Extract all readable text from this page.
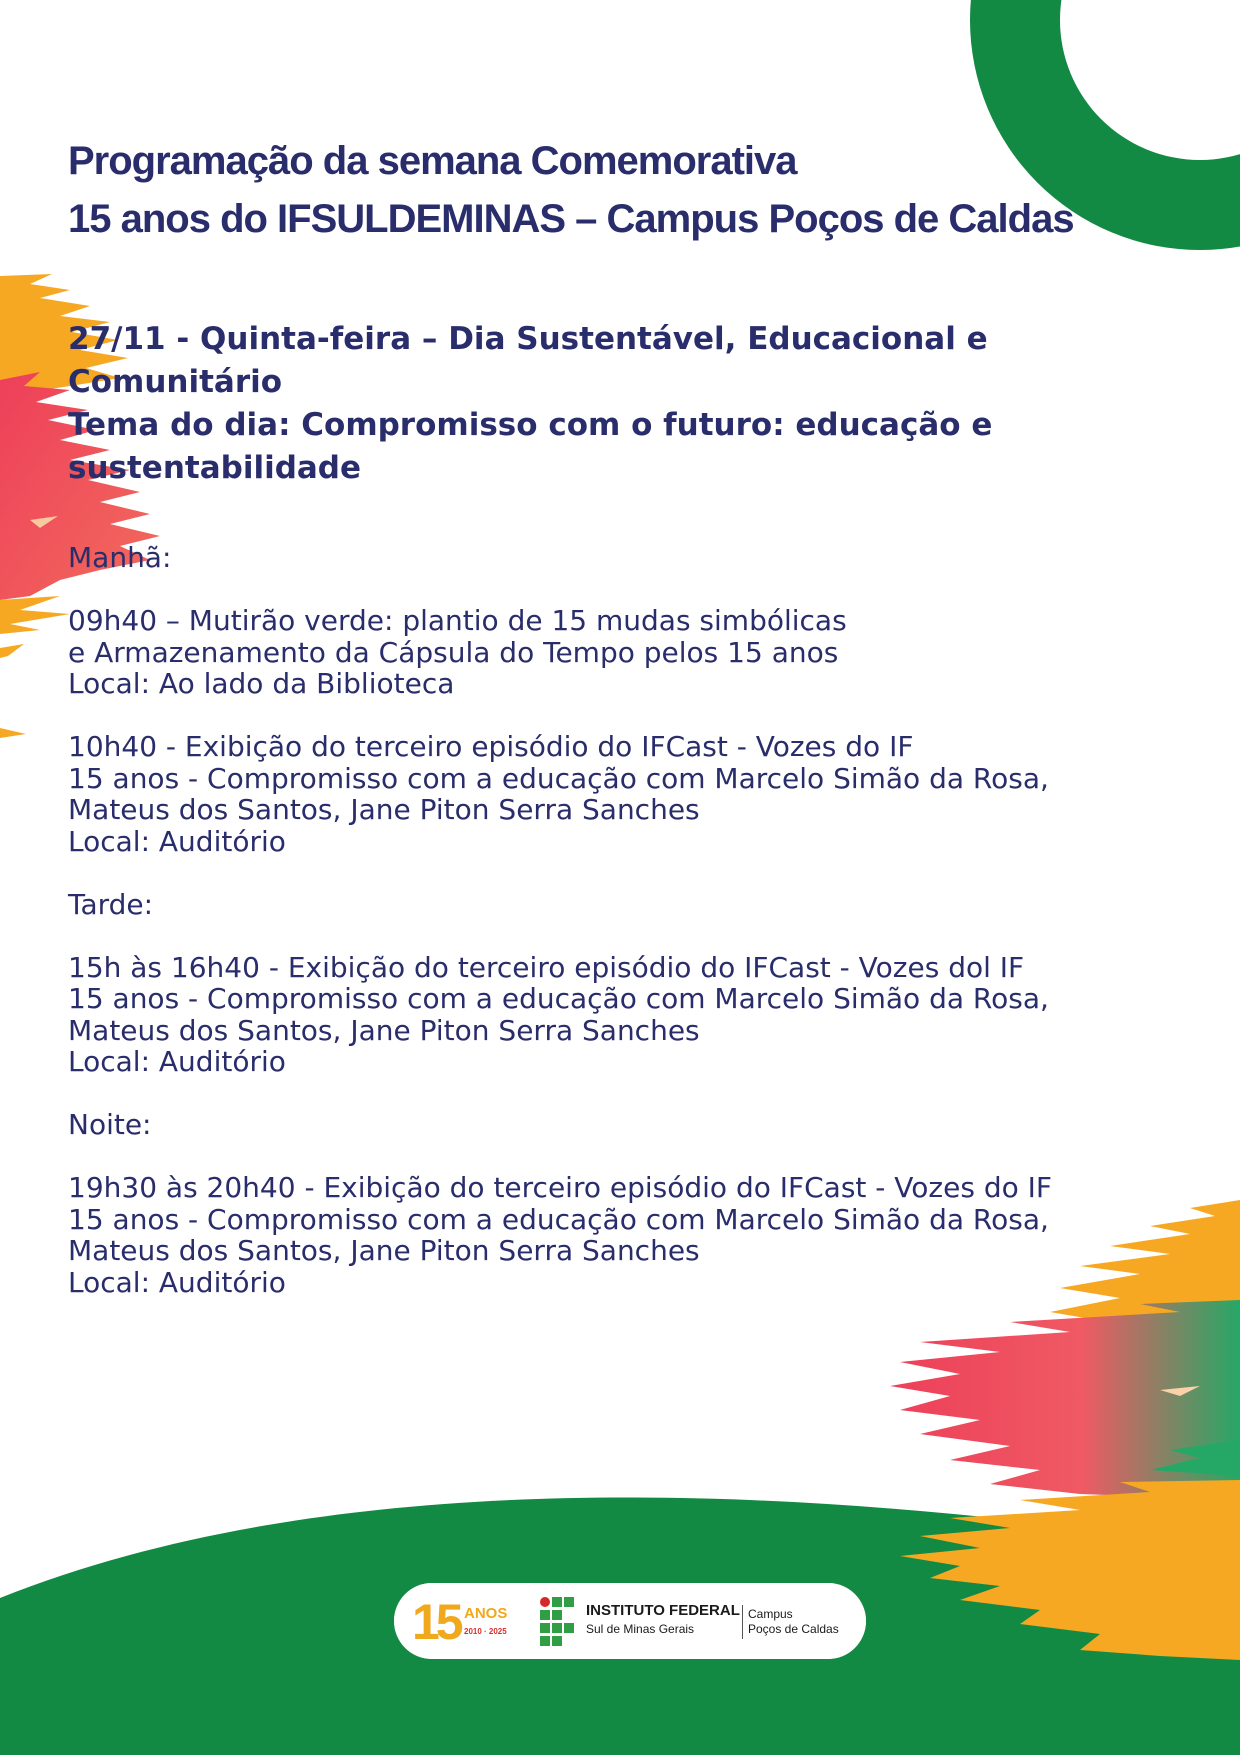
Programação da semana Comemorativa
15 anos do IFSULDEMINAS – Campus Poços de Caldas
27/11 - Quinta-feira – Dia Sustentável, Educacional e
Comunitário
Tema do dia: Compromisso com o futuro: educação e
sustentabilidade
Manhã:
09h40 – Mutirão verde: plantio de 15 mudas simbólicas
e Armazenamento da Cápsula do Tempo pelos 15 anos
Local: Ao lado da Biblioteca
10h40 - Exibição do terceiro episódio do IFCast - Vozes do IF
15 anos - Compromisso com a educação com Marcelo Simão da Rosa,
Mateus dos Santos, Jane Piton Serra Sanches
Local: Auditório
Tarde:
15h às 16h40 - Exibição do terceiro episódio do IFCast - Vozes dol IF
15 anos - Compromisso com a educação com Marcelo Simão da Rosa,
Mateus dos Santos, Jane Piton Serra Sanches
Local: Auditório
Noite:
19h30 às 20h40 - Exibição do terceiro episódio do IFCast - Vozes do IF
15 anos - Compromisso com a educação com Marcelo Simão da Rosa,
Mateus dos Santos, Jane Piton Serra Sanches
Local: Auditório
15 ANOS
2010 · 2025
INSTITUTO FEDERAL
Sul de Minas Gerais
Campus
Poços de Caldas
